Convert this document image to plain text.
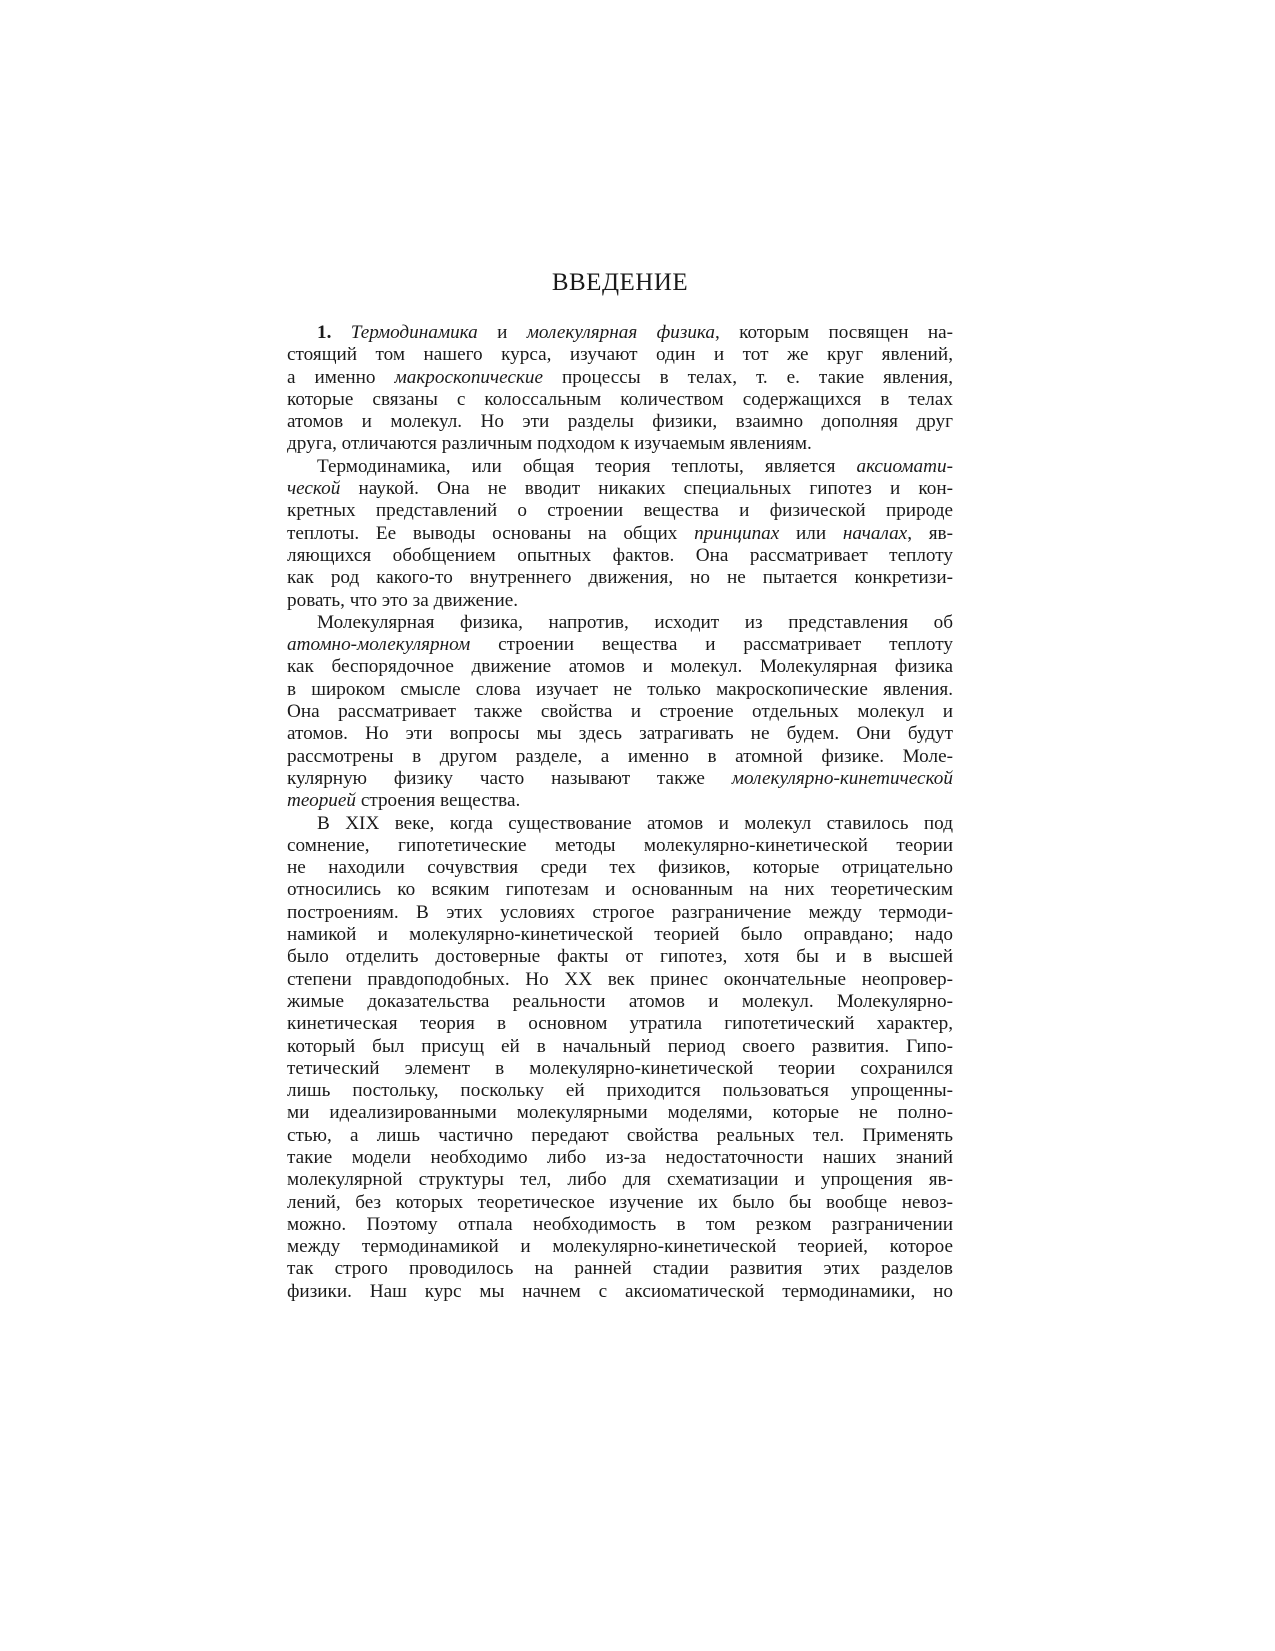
ВВЕДЕНИЕ
1. Термодинамика и молекулярная физика, которым посвящен на-
стоящий том нашего курса, изучают один и тот же круг явлений,
а именно макроскопические процессы в телах, т. е. такие явления,
которые связаны с колоссальным количеством содержащихся в телах
атомов и молекул. Но эти разделы физики, взаимно дополняя друг
друга, отличаются различным подходом к изучаемым явлениям.
Термодинамика, или общая теория теплоты, является аксиомати-
ческой наукой. Она не вводит никаких специальных гипотез и кон-
кретных представлений о строении вещества и физической природе
теплоты. Ее выводы основаны на общих принципах или началах, яв-
ляющихся обобщением опытных фактов. Она рассматривает теплоту
как род какого-то внутреннего движения, но не пытается конкретизи-
ровать, что это за движение.
Молекулярная физика, напротив, исходит из представления об
атомно-молекулярном строении вещества и рассматривает теплоту
как беспорядочное движение атомов и молекул. Молекулярная физика
в широком смысле слова изучает не только макроскопические явления.
Она рассматривает также свойства и строение отдельных молекул и
атомов. Но эти вопросы мы здесь затрагивать не будем. Они будут
рассмотрены в другом разделе, а именно в атомной физике. Моле-
кулярную физику часто называют также молекулярно-кинетической
теорией строения вещества.
В XIX веке, когда существование атомов и молекул ставилось под
сомнение, гипотетические методы молекулярно-кинетической теории
не находили сочувствия среди тех физиков, которые отрицательно
относились ко всяким гипотезам и основанным на них теоретическим
построениям. В этих условиях строгое разграничение между термоди-
намикой и молекулярно-кинетической теорией было оправдано; надо
было отделить достоверные факты от гипотез, хотя бы и в высшей
степени правдоподобных. Но XX век принес окончательные неопровер-
жимые доказательства реальности атомов и молекул. Молекулярно-
кинетическая теория в основном утратила гипотетический характер,
который был присущ ей в начальный период своего развития. Гипо-
тетический элемент в молекулярно-кинетической теории сохранился
лишь постольку, поскольку ей приходится пользоваться упрощенны-
ми идеализированными молекулярными моделями, которые не полно-
стью, а лишь частично передают свойства реальных тел. Применять
такие модели необходимо либо из-за недостаточности наших знаний
молекулярной структуры тел, либо для схематизации и упрощения яв-
лений, без которых теоретическое изучение их было бы вообще невоз-
можно. Поэтому отпала необходимость в том резком разграничении
между термодинамикой и молекулярно-кинетической теорией, которое
так строго проводилось на ранней стадии развития этих разделов
физики. Наш курс мы начнем с аксиоматической термодинамики, но
